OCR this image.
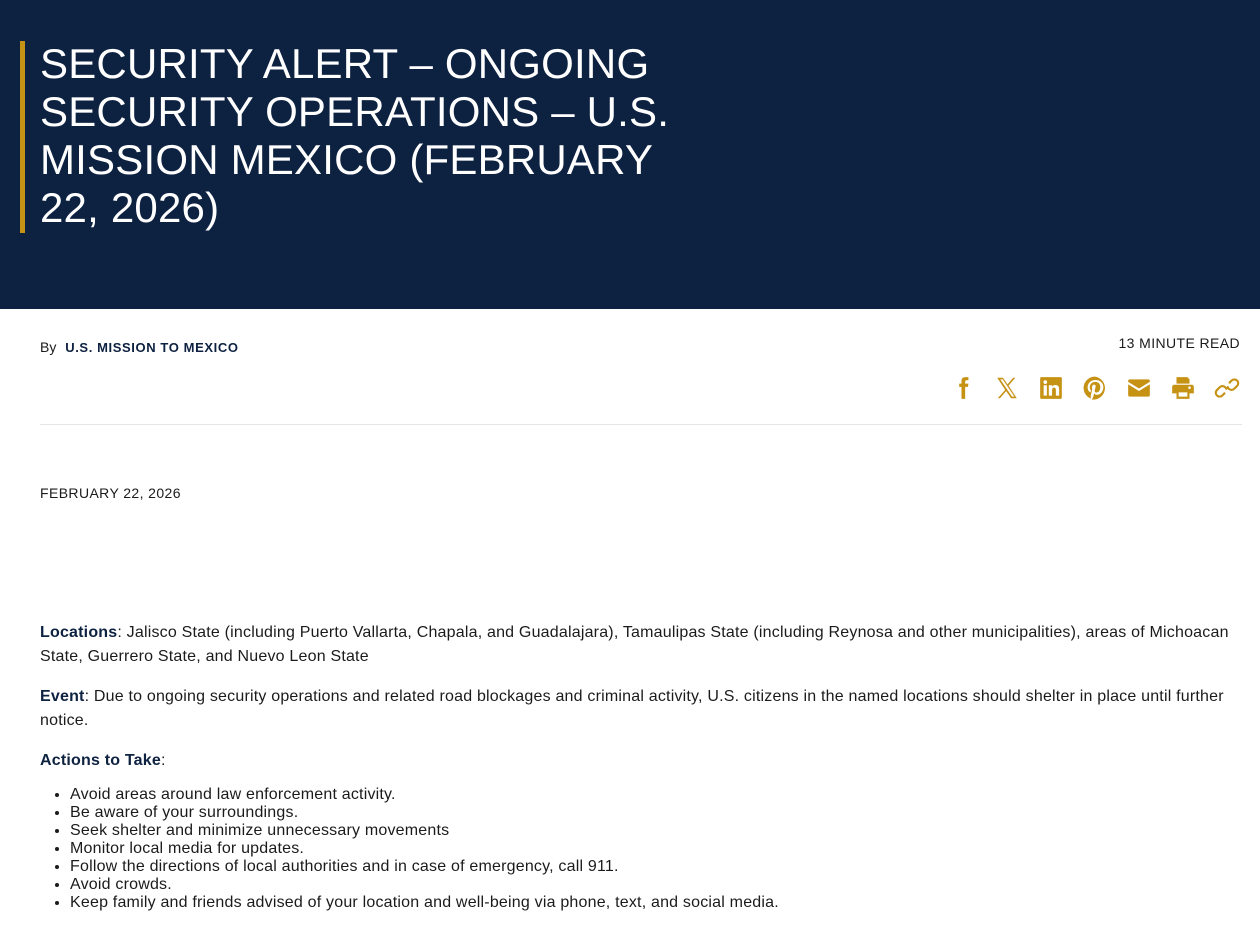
SECURITY ALERT – ONGOING SECURITY OPERATIONS – U.S. MISSION MEXICO (FEBRUARY 22, 2026)
By U.S. MISSION TO MEXICO	13 MINUTE READ
FEBRUARY 22, 2026

Locations: Jalisco State (including Puerto Vallarta, Chapala, and Guadalajara), Tamaulipas State (including Reynosa and other municipalities), areas of Michoacan State, Guerrero State, and Nuevo Leon State

Event: Due to ongoing security operations and related road blockages and criminal activity, U.S. citizens in the named locations should shelter in place until further notice.

Actions to Take:

• Avoid areas around law enforcement activity.
• Be aware of your surroundings.
• Seek shelter and minimize unnecessary movements
• Monitor local media for updates.
• Follow the directions of local authorities and in case of emergency, call 911.
• Avoid crowds.
• Keep family and friends advised of your location and well-being via phone, text, and social media.
